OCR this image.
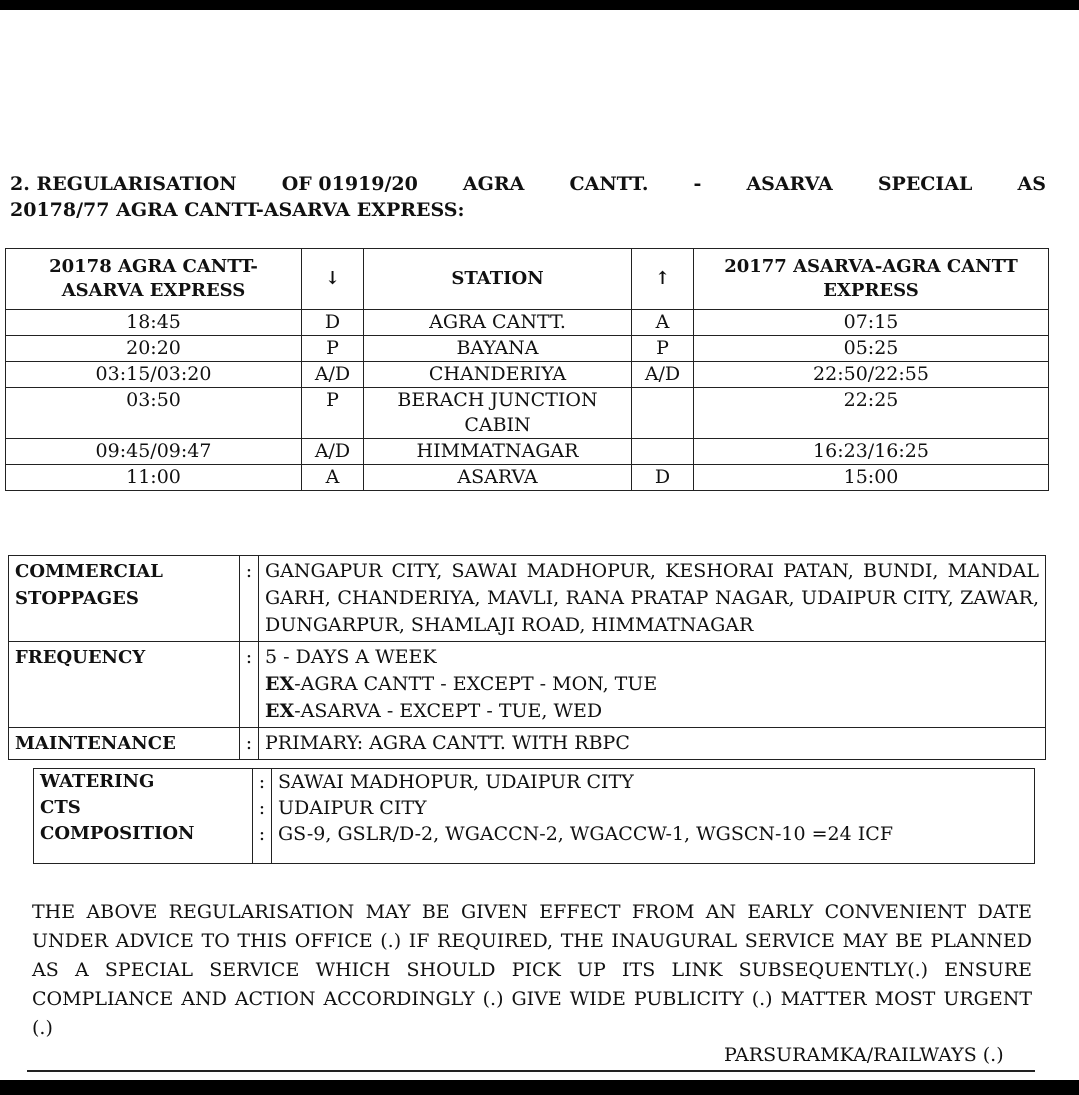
2. REGULARISATION OF 01919/20 AGRA CANTT. - ASARVA SPECIAL AS
20178/77 AGRA CANTT-ASARVA EXPRESS:
20178 AGRA CANTT-ASARVA EXPRESS	↓	STATION	↑	20177 ASARVA-AGRA CANTT EXPRESS
18:45	D	AGRA CANTT.	A	07:15
20:20	P	BAYANA	P	05:25
03:15/03:20	A/D	CHANDERIYA	A/D	22:50/22:55
03:50	P	BERACH JUNCTION CABIN		22:25
09:45/09:47	A/D	HIMMATNAGAR		16:23/16:25
11:00	A	ASARVA	D	15:00
COMMERCIAL STOPPAGES	:	GANGAPUR CITY, SAWAI MADHOPUR, KESHORAI PATAN, BUNDI, MANDAL GARH, CHANDERIYA, MAVLI, RANA PRATAP NAGAR, UDAIPUR CITY, ZAWAR, DUNGARPUR, SHAMLAJI ROAD, HIMMATNAGAR
FREQUENCY	:	5 - DAYS A WEEK
EX-AGRA CANTT - EXCEPT - MON, TUE
EX-ASARVA - EXCEPT - TUE, WED

MAINTENANCE	:	PRIMARY: AGRA CANTT. WITH RBPC
WATERING	:	SAWAI MADHOPUR, UDAIPUR CITY
CTS	:	UDAIPUR CITY
COMPOSITION	:	GS-9, GSLR/D-2, WGACCN-2, WGACCW-1, WGSCN-10 =24 ICF
THE ABOVE REGULARISATION MAY BE GIVEN EFFECT FROM AN EARLY CONVENIENT DATE UNDER ADVICE TO THIS OFFICE (.) IF REQUIRED, THE INAUGURAL SERVICE MAY BE PLANNED AS A SPECIAL SERVICE WHICH SHOULD PICK UP ITS LINK SUBSEQUENTLY(.) ENSURE COMPLIANCE AND ACTION ACCORDINGLY (.) GIVE WIDE PUBLICITY (.) MATTER MOST URGENT (.)
PARSURAMKA/RAILWAYS (.)
